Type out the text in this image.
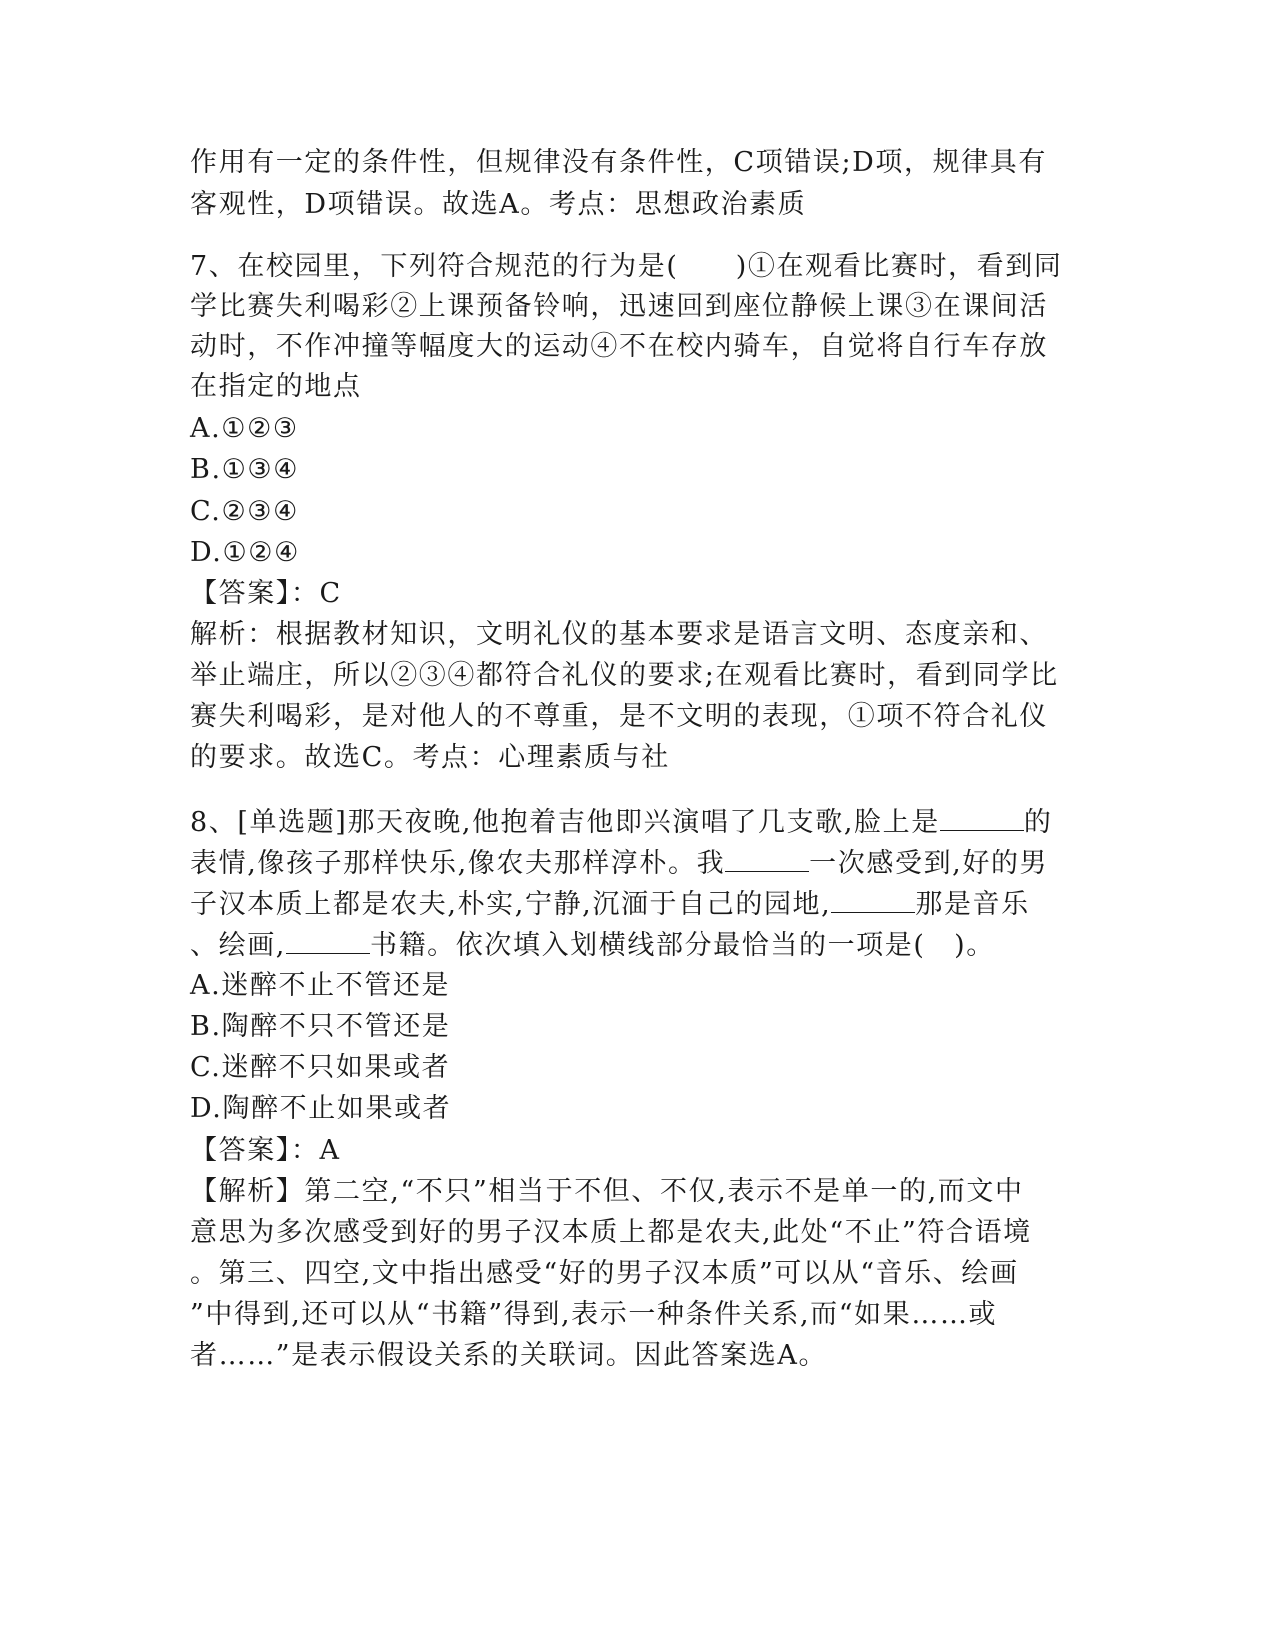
作用有一定的条件性，但规律没有条件性，C项错误;D项，规律具有
客观性，D项错误。故选A。考点：思想政治素质
7、在校园里，下列符合规范的行为是(　　)①在观看比赛时，看到同
学比赛失利喝彩②上课预备铃响，迅速回到座位静候上课③在课间活
动时，不作冲撞等幅度大的运动④不在校内骑车，自觉将自行车存放
在指定的地点
A.①②③
B.①③④
C.②③④
D.①②④
【答案】：C
解析：根据教材知识，文明礼仪的基本要求是语言文明、态度亲和、
举止端庄，所以②③④都符合礼仪的要求;在观看比赛时，看到同学比
赛失利喝彩，是对他人的不尊重，是不文明的表现，①项不符合礼仪
的要求。故选C。考点：心理素质与社
8、[单选题]那天夜晚,他抱着吉他即兴演唱了几支歌,脸上是	的
表情,像孩子那样快乐,像农夫那样淳朴。我	一次感受到,好的男
子汉本质上都是农夫,朴实,宁静,沉湎于自己的园地,	那是音乐
、绘画,	书籍。依次填入划横线部分最恰当的一项是(　)。
A.迷醉不止不管还是
B.陶醉不只不管还是
C.迷醉不只如果或者
D.陶醉不止如果或者
【答案】：A
【解析】第二空,“不只”相当于不但、不仅,表示不是单一的,而文中
意思为多次感受到好的男子汉本质上都是农夫,此处“不止”符合语境
。第三、四空,文中指出感受“好的男子汉本质”可以从“音乐、绘画
”中得到,还可以从“书籍”得到,表示一种条件关系,而“如果……或
者……”是表示假设关系的关联词。因此答案选A。
